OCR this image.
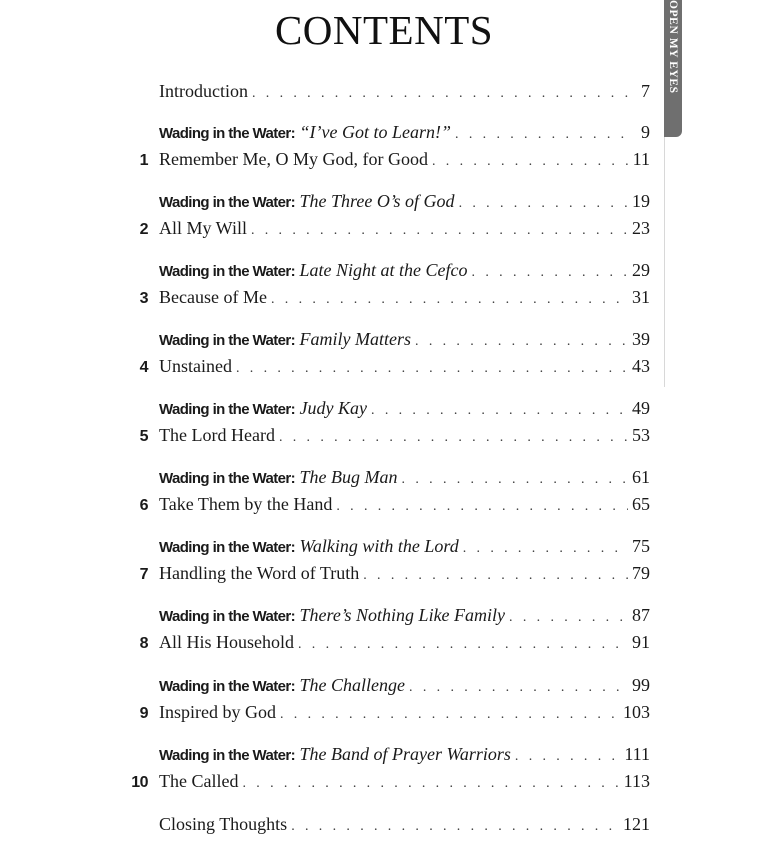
CONTENTS	OPEN MY EYES
Introduction . . .	7
Wading in the Water: “I’ve Got to Learn!” . . .	9
1 Remember Me, O My God, for Good . . .	11
Wading in the Water: The Three O’s of God . . .	19
2 All My Will . . .	23
Wading in the Water: Late Night at the Cefco . . .	29
3 Because of Me . . .	31
Wading in the Water: Family Matters . . .	39
4 Unstained . . .	43
Wading in the Water: Judy Kay . . .	49
5 The Lord Heard . . .	53
Wading in the Water: The Bug Man . . .	61
6 Take Them by the Hand . . .	65
Wading in the Water: Walking with the Lord . . .	75
7 Handling the Word of Truth . . .	79
Wading in the Water: There’s Nothing Like Family . . .	87
8 All His Household . . .	91
Wading in the Water: The Challenge . . .	99
9 Inspired by God . . .	103
Wading in the Water: The Band of Prayer Warriors . . .	111
10 The Called . . .	113
Closing Thoughts . . .	121
